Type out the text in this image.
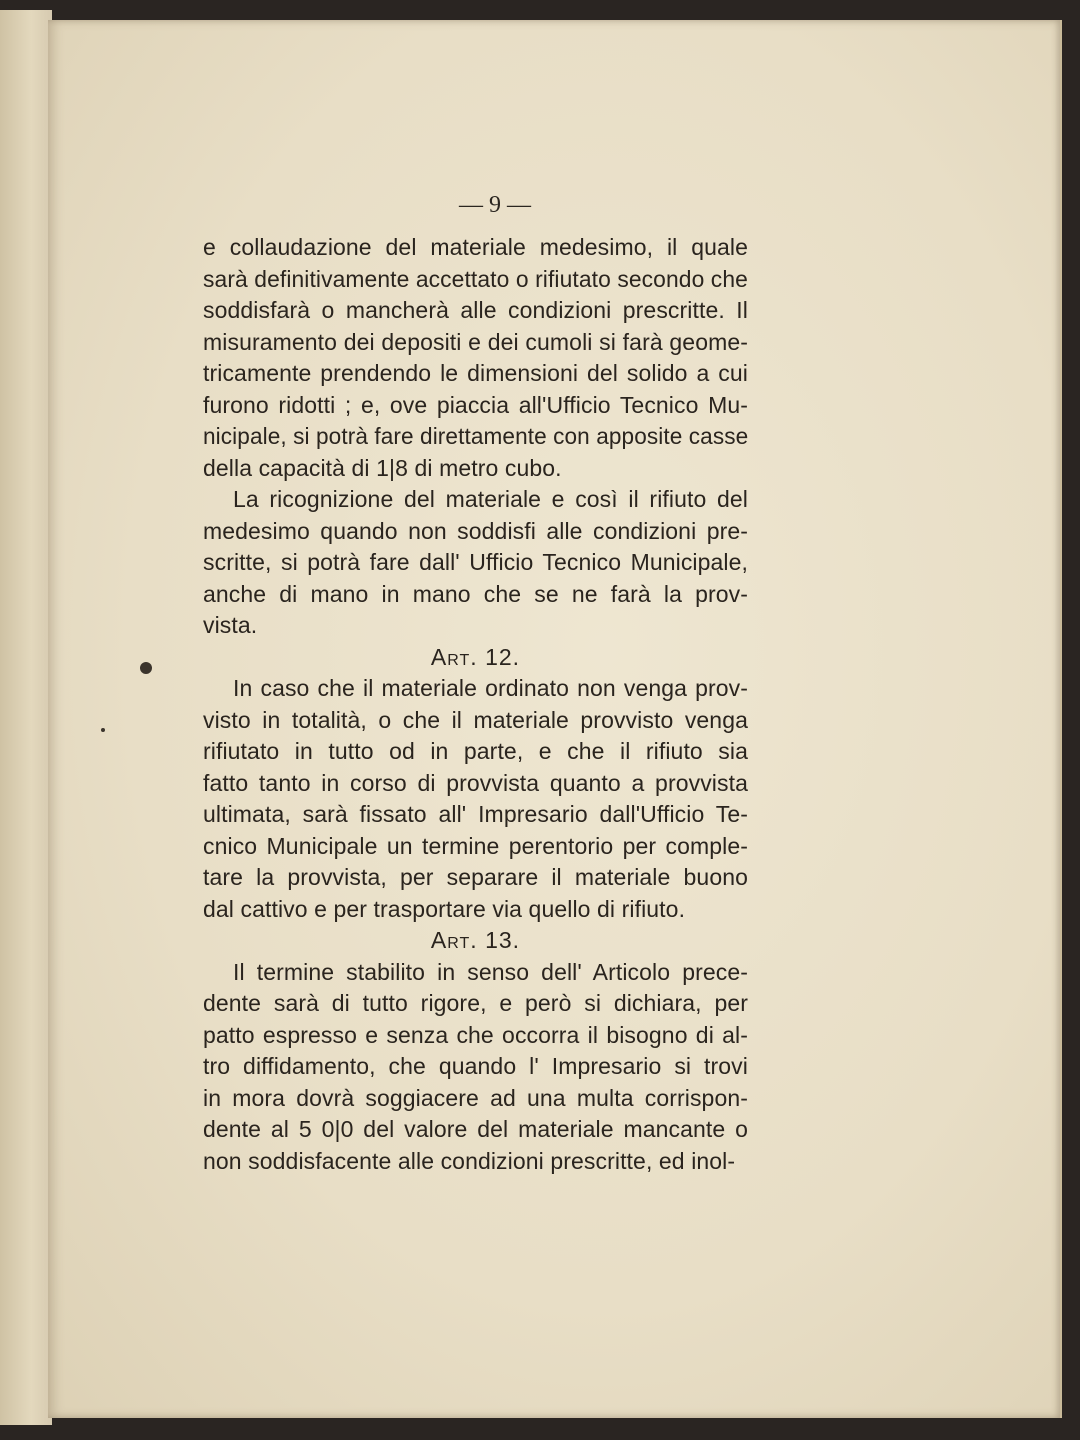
— 9 —
e collaudazione del materiale medesimo, il quale
sarà definitivamente accettato o rifiutato secondo che
soddisfarà o mancherà alle condizioni prescritte. Il
misuramento dei depositi e dei cumoli si farà geome-
tricamente prendendo le dimensioni del solido a cui
furono ridotti ; e, ove piaccia all'Ufficio Tecnico Mu-
nicipale, si potrà fare direttamente con apposite casse
della capacità di 1|8 di metro cubo.
La ricognizione del materiale e così il rifiuto del
medesimo quando non soddisfi alle condizioni pre-
scritte, si potrà fare dall' Ufficio Tecnico Municipale,
anche di mano in mano che se ne farà la prov-
vista.
Art. 12.
In caso che il materiale ordinato non venga prov-
visto in totalità, o che il materiale provvisto venga
rifiutato in tutto od in parte, e che il rifiuto sia
fatto tanto in corso di provvista quanto a provvista
ultimata, sarà fissato all' Impresario dall'Ufficio Te-
cnico Municipale un termine perentorio per comple-
tare la provvista, per separare il materiale buono
dal cattivo e per trasportare via quello di rifiuto.
Art. 13.
Il termine stabilito in senso dell' Articolo prece-
dente sarà di tutto rigore, e però si dichiara, per
patto espresso e senza che occorra il bisogno di al-
tro diffidamento, che quando l' Impresario si trovi
in mora dovrà soggiacere ad una multa corrispon-
dente al 5 0|0 del valore del materiale mancante o
non soddisfacente alle condizioni prescritte, ed inol-
